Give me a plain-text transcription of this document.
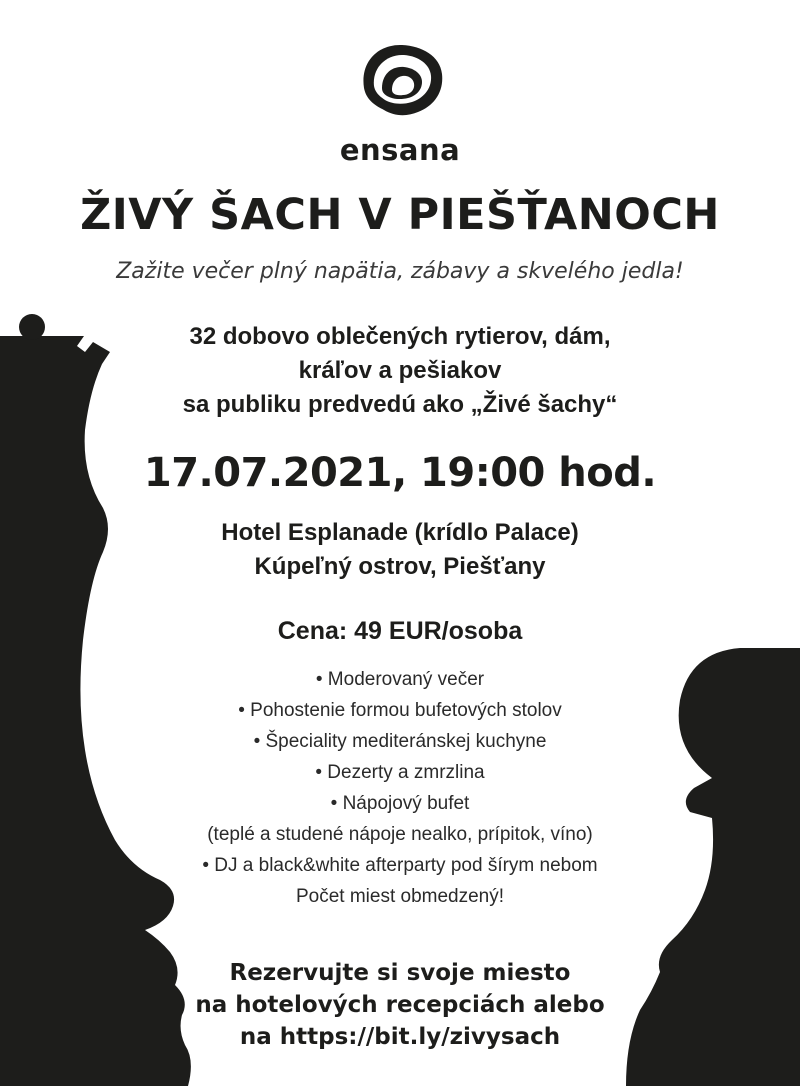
ensana
ŽIVÝ ŠACH V PIEŠŤANOCH
Zažite večer plný napätia, zábavy a skvelého jedla!
32 dobovo oblečených rytierov, dám,
kráľov a pešiakov
sa publiku predvedú ako „Živé šachy“
17.07.2021, 19:00 hod.
Hotel Esplanade (krídlo Palace)
Kúpeľný ostrov, Piešťany
Cena: 49 EUR/osoba
• Moderovaný večer
• Pohostenie formou bufetových stolov
• Špeciality mediteránskej kuchyne
• Dezerty a zmrzlina
• Nápojový bufet
(teplé a studené nápoje nealko, prípitok, víno)
• DJ a black&white afterparty pod šírym nebom
Počet miest obmedzený!
Rezervujte si svoje miesto
na hotelových recepciách alebo
na https://bit.ly/zivysach
